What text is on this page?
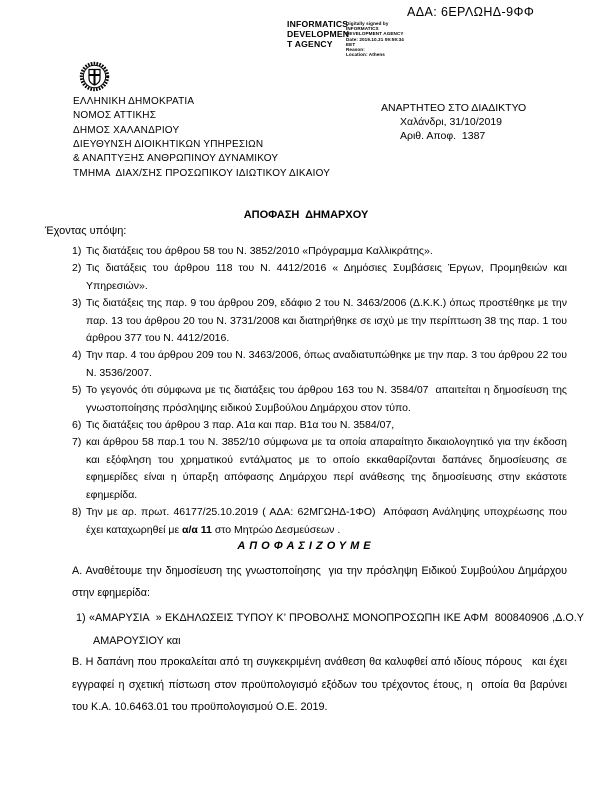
ΑΔΑ: 6ΕΡΛΩΗΔ-9ΦΦ
INFORMATICS
DEVELOPMEN
T AGENCY
Digitally signed by
INFORMATICS
DEVELOPMENT AGENCY
Date: 2019.10.31 09:59:34
EET
Reason:
Location: Athens
ΕΛΛΗΝΙΚΗ ΔΗΜΟΚΡΑΤΙΑ
ΝΟΜΟΣ ΑΤΤΙΚΗΣ
ΔΗΜΟΣ ΧΑΛΑΝΔΡΙΟΥ
ΔΙΕΥΘΥΝΣΗ ΔΙΟΙΚΗΤΙΚΩΝ ΥΠΗΡΕΣΙΩΝ
& ΑΝΑΠΤΥΞΗΣ ΑΝΘΡΩΠΙΝΟΥ ΔΥΝΑΜΙΚΟΥ
ΤΜΗΜΑ  ΔΙΑΧ/ΣΗΣ ΠΡΟΣΩΠΙΚΟΥ ΙΔΙΩΤΙΚΟΥ ΔΙΚΑΙΟΥ
ΑΝΑΡΤΗΤΕΟ ΣΤΟ ΔΙΑΔΙΚΤΥΟ
Χαλάνδρι, 31/10/2019
Αριθ. Αποφ.  1387
ΑΠΟΦΑΣΗ  ΔΗΜΑΡΧΟΥ
Έχοντας υπόψη:
1) Τις διατάξεις του άρθρου 58 του Ν. 3852/2010 «Πρόγραμμα Καλλικράτης».
2) Τις διατάξεις του άρθρου 118 του Ν. 4412/2016 « Δημόσιες Συμβάσεις Έργων, Προμηθειών και Υπηρεσιών».
3) Τις διατάξεις της παρ. 9 του άρθρου 209, εδάφιο 2 του Ν. 3463/2006 (Δ.Κ.Κ.) όπως προστέθηκε με την παρ. 13 του άρθρου 20 του Ν. 3731/2008 και διατηρήθηκε σε ισχύ με την περίπτωση 38 της παρ. 1 του άρθρου 377 του Ν. 4412/2016.
4) Την παρ. 4 του άρθρου 209 του Ν. 3463/2006, όπως αναδιατυπώθηκε με την παρ. 3 του άρθρου 22 του Ν. 3536/2007.
5) Το γεγονός ότι σύμφωνα με τις διατάξεις του άρθρου 163 του Ν. 3584/07  απαιτείται η δημοσίευση της γνωστοποίησης πρόσληψης ειδικού Συμβούλου Δημάρχου στον τύπο.
6) Τις διατάξεις του άρθρου 3 παρ. Α1α και παρ. Β1α του Ν. 3584/07,
7) και άρθρου 58 παρ.1 του Ν. 3852/10 σύμφωνα με τα οποία απαραίτητο δικαιολογητικό για την έκδοση και εξόφληση του χρηματικού εντάλματος με το οποίο εκκαθαρίζονται δαπάνες δημοσίευσης σε εφημερίδες είναι η ύπαρξη απόφασης Δημάρχου περί ανάθεσης της δημοσίευσης στην εκάστοτε εφημερίδα.
8) Την με αρ. πρωτ. 46177/25.10.2019 ( ΑΔΑ: 62ΜΓΩΗΔ-1ΦΟ)  Απόφαση Ανάληψης υποχρέωσης που έχει καταχωρηθεί με α/α 11 στο Μητρώο Δεσμεύσεων .
ΑΠΟΦΑΣΙΖΟΥΜΕ
Α. Αναθέτουμε την δημοσίευση της γνωστοποίησης  για την πρόσληψη Ειδικού Συμβούλου Δημάρχου στην εφημερίδα:
1) «ΑΜΑΡΥΣΙΑ  » ΕΚΔΗΛΩΣΕΙΣ ΤΥΠΟΥ Κ’ ΠΡΟΒΟΛΗΣ ΜΟΝΟΠΡΟΣΩΠΗ ΙΚΕ ΑΦΜ  800840906 ,Δ.Ο.Υ ΑΜΑΡΟΥΣΙΟΥ και
Β. Η δαπάνη που προκαλείται από τη συγκεκριμένη ανάθεση θα καλυφθεί από ιδίους πόρους   και έχει εγγραφεί η σχετική πίστωση στον προϋπολογισμό εξόδων του τρέχοντος έτους, η  οποία θα βαρύνει του Κ.Α. 10.6463.01 του προϋπολογισμού Ο.Ε. 2019.
